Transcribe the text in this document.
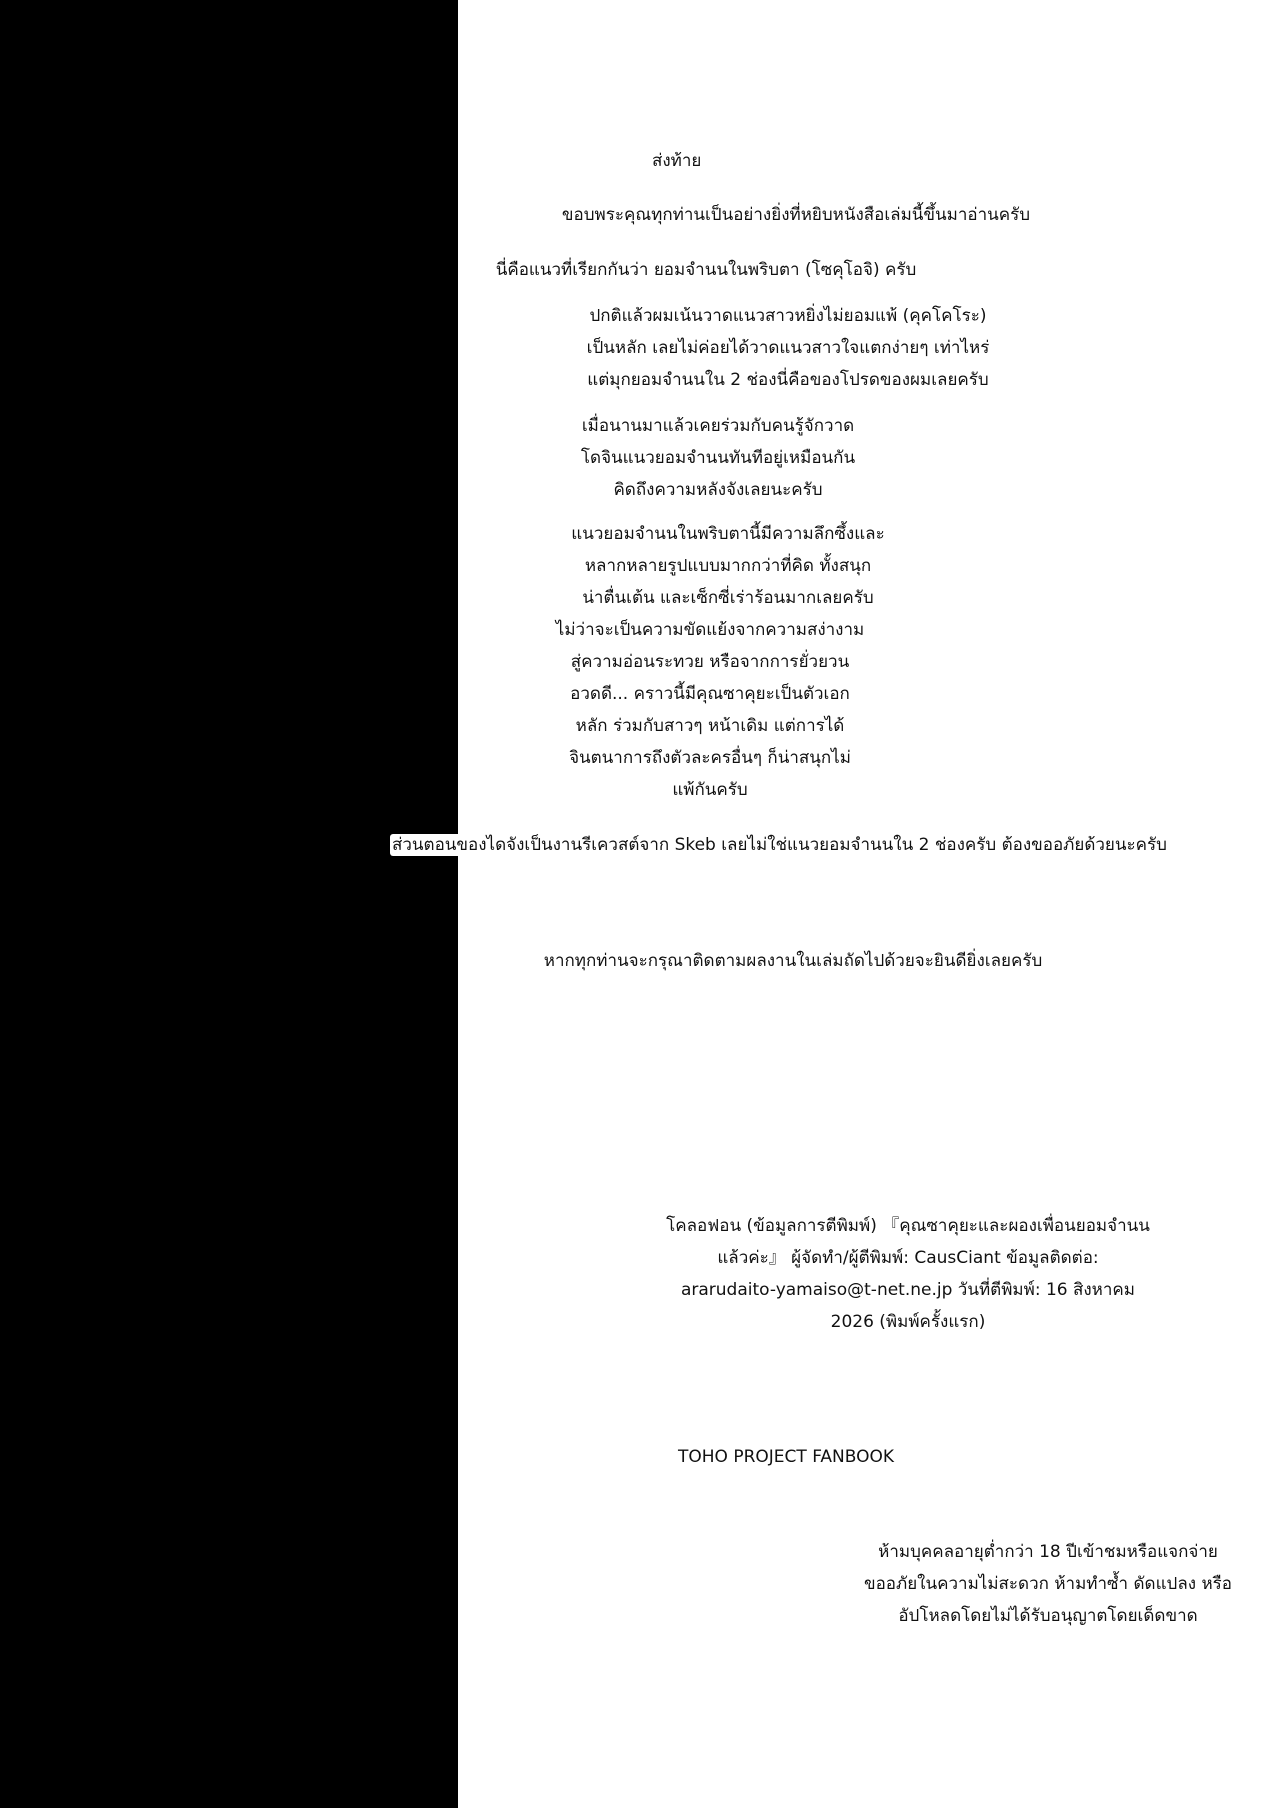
ส่งท้าย
ขอบพระคุณทุกท่านเป็นอย่างยิ่งที่หยิบหนังสือเล่มนี้ขึ้นมาอ่านครับ
นี่คือแนวที่เรียกกันว่า ยอมจำนนในพริบตา (โซคุโอจิ) ครับ
ปกติแล้วผมเน้นวาดแนวสาวหยิ่งไม่ยอมแพ้ (คุคโคโระ)
เป็นหลัก เลยไม่ค่อยได้วาดแนวสาวใจแตกง่ายๆ เท่าไหร่
แต่มุกยอมจำนนใน 2 ช่องนี่คือของโปรดของผมเลยครับ
เมื่อนานมาแล้วเคยร่วมกับคนรู้จักวาด
โดจินแนวยอมจำนนทันทีอยู่เหมือนกัน
คิดถึงความหลังจังเลยนะครับ
แนวยอมจำนนในพริบตานี้มีความลึกซึ้งและ
หลากหลายรูปแบบมากกว่าที่คิด ทั้งสนุก
น่าตื่นเต้น และเซ็กซี่เร่าร้อนมากเลยครับ
ไม่ว่าจะเป็นความขัดแย้งจากความสง่างาม
สู่ความอ่อนระทวย หรือจากการยั่วยวน
อวดดี... คราวนี้มีคุณซาคุยะเป็นตัวเอก
หลัก ร่วมกับสาวๆ หน้าเดิม แต่การได้
จินตนาการถึงตัวละครอื่นๆ ก็น่าสนุกไม่
แพ้กันครับ
หากทุกท่านจะกรุณาติดตามผลงานในเล่มถัดไปด้วยจะยินดียิ่งเลยครับ
โคลอฟอน (ข้อมูลการตีพิมพ์) 『คุณซาคุยะและผองเพื่อนยอมจำนน
แล้วค่ะ』 ผู้จัดทำ/ผู้ตีพิมพ์: CausCiant ข้อมูลติดต่อ:
ararudaito-yamaiso@t-net.ne.jp วันที่ตีพิมพ์: 16 สิงหาคม
2026 (พิมพ์ครั้งแรก)
TOHO PROJECT FANBOOK
ห้ามบุคคลอายุต่ำกว่า 18 ปีเข้าชมหรือแจกจ่าย
ขออภัยในความไม่สะดวก ห้ามทำซ้ำ ดัดแปลง หรือ
อัปโหลดโดยไม่ได้รับอนุญาตโดยเด็ดขาด
ส่วนตอนของไดจังเป็นงานรีเควสต์จาก Skeb เลยไม่ใช่แนวยอมจำนนใน 2 ช่องครับ ต้องขออภัยด้วยนะครับ
